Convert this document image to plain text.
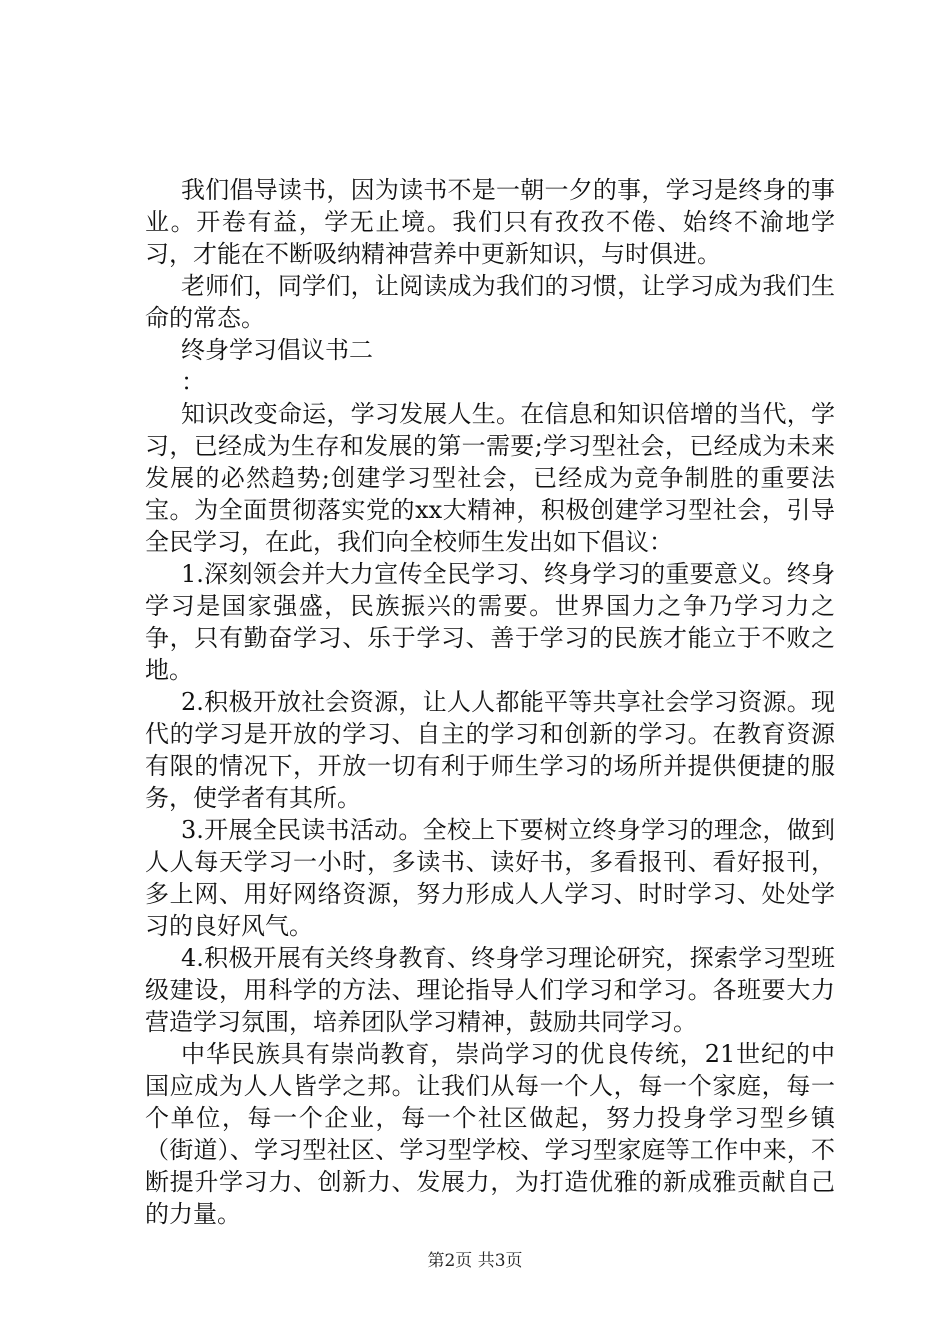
我们倡导读书，因为读书不是一朝一夕的事，学习是终身的事业。开卷有益，学无止境。我们只有孜孜不倦、始终不渝地学习，才能在不断吸纳精神营养中更新知识，与时俱进。

老师们，同学们，让阅读成为我们的习惯，让学习成为我们生命的常态。

终身学习倡议书二

：

知识改变命运，学习发展人生。在信息和知识倍增的当代，学习，已经成为生存和发展的第一需要;学习型社会，已经成为未来发展的必然趋势;创建学习型社会，已经成为竞争制胜的重要法宝。为全面贯彻落实党的xx大精神，积极创建学习型社会，引导全民学习，在此，我们向全校师生发出如下倡议：

1.深刻领会并大力宣传全民学习、终身学习的重要意义。终身学习是国家强盛，民族振兴的需要。世界国力之争乃学习力之争，只有勤奋学习、乐于学习、善于学习的民族才能立于不败之地。

2.积极开放社会资源，让人人都能平等共享社会学习资源。现代的学习是开放的学习、自主的学习和创新的学习。在教育资源有限的情况下，开放一切有利于师生学习的场所并提供便捷的服务，使学者有其所。

3.开展全民读书活动。全校上下要树立终身学习的理念，做到人人每天学习一小时，多读书、读好书，多看报刊、看好报刊，多上网、用好网络资源，努力形成人人学习、时时学习、处处学习的良好风气。

4.积极开展有关终身教育、终身学习理论研究，探索学习型班级建设，用科学的方法、理论指导人们学习和学习。各班要大力营造学习氛围，培养团队学习精神，鼓励共同学习。

中华民族具有崇尚教育，崇尚学习的优良传统，21世纪的中国应成为人人皆学之邦。让我们从每一个人，每一个家庭，每一个单位，每一个企业，每一个社区做起，努力投身学习型乡镇（街道）、学习型社区、学习型学校、学习型家庭等工作中来，不断提升学习力、创新力、发展力，为打造优雅的新成雅贡献自己的力量。

第2页 共3页
